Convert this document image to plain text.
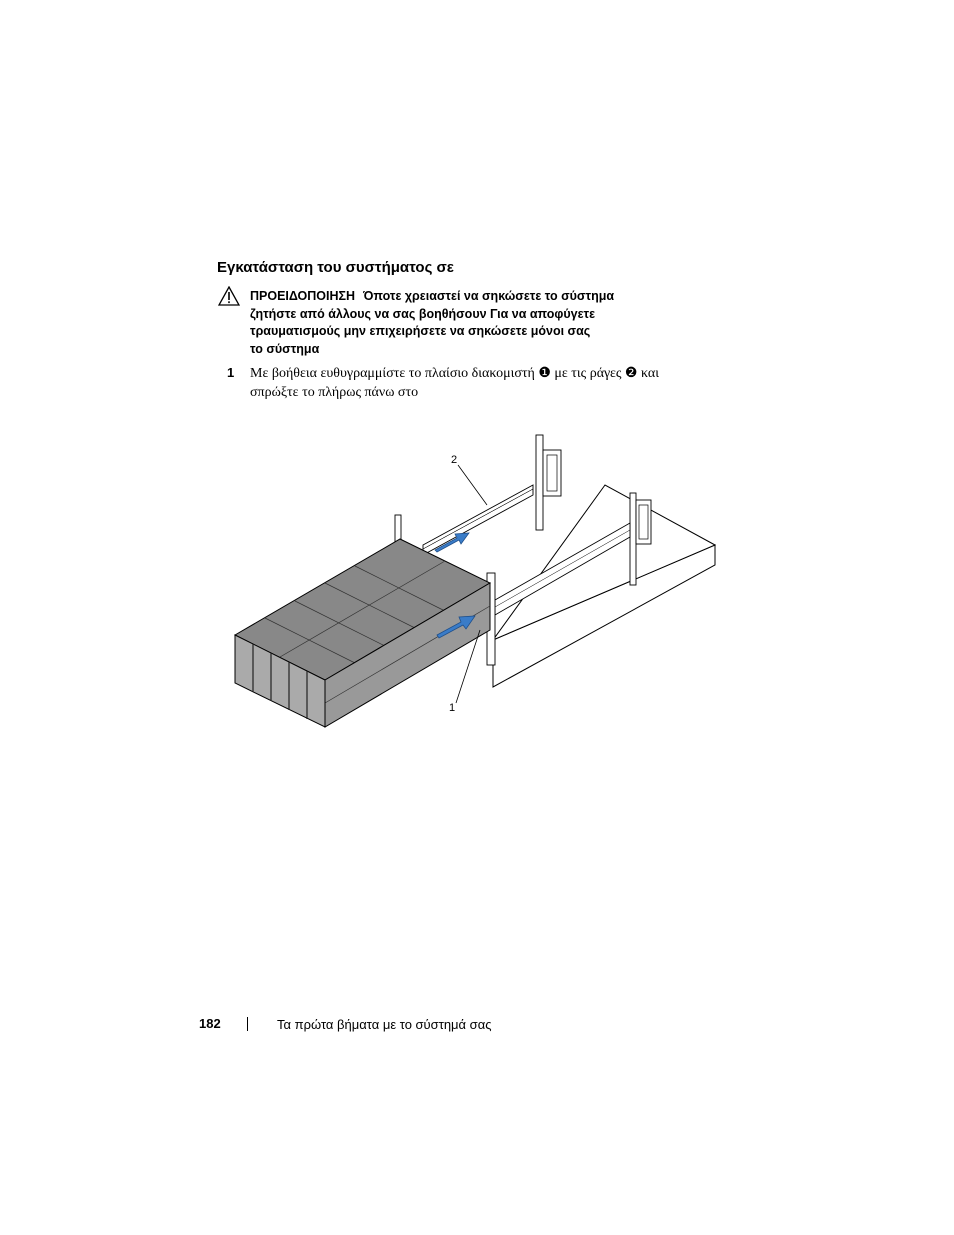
Εγκατάσταση του συστήματος σε
ΠΡΟΕΙΔΟΠΟΙΗΣΗ Όποτε χρειαστεί να σηκώσετε το σύστημα
ζητήστε από άλλους να σας βοηθήσουν Για να αποφύγετε
τραυματισμούς μην επιχειρήσετε να σηκώσετε μόνοι σας
το σύστημα
1 Με βοήθεια ευθυγραμμίστε το πλαίσιο διακομιστή ❶ με τις ράγες ❷ και
σπρώξτε το πλήρως πάνω στο
2
1
182	Τα πρώτα βήματα με το σύστημά σας
